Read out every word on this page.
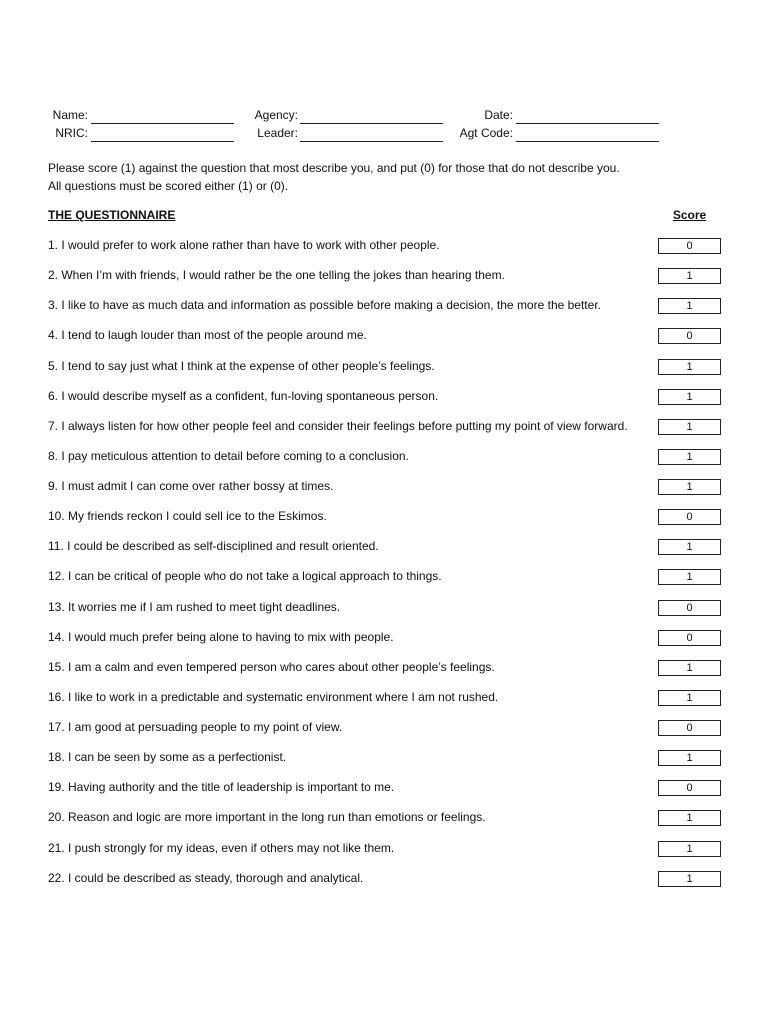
Name:	Agency:	Date:
NRIC:	Leader:	Agt Code:
Please score (1) against the question that most describe you, and put (0) for those that do not describe you.
All questions must be scored either (1) or (0).
THE QUESTIONNAIRE	Score
1. I would prefer to work alone rather than have to work with other people.	0
2. When I’m with friends, I would rather be the one telling the jokes than hearing them.	1
3. I like to have as much data and information as possible before making a decision, the more the better.	1
4. I tend to laugh louder than most of the people around me.	0
5. I tend to say just what I think at the expense of other people’s feelings.	1
6. I would describe myself as a confident, fun-loving spontaneous person.	1
7. I always listen for how other people feel and consider their feelings before putting my point of view forward.	1
8. I pay meticulous attention to detail before coming to a conclusion.	1
9. I must admit I can come over rather bossy at times.	1
10. My friends reckon I could sell ice to the Eskimos.	0
11. I could be described as self-disciplined and result oriented.	1
12. I can be critical of people who do not take a logical approach to things.	1
13. It worries me if I am rushed to meet tight deadlines.	0
14. I would much prefer being alone to having to mix with people.	0
15. I am a calm and even tempered person who cares about other people’s feelings.	1
16. I like to work in a predictable and systematic environment where I am not rushed.	1
17. I am good at persuading people to my point of view.	0
18. I can be seen by some as a perfectionist.	1
19. Having authority and the title of leadership is important to me.	0
20. Reason and logic are more important in the long run than emotions or feelings.	1
21. I push strongly for my ideas, even if others may not like them.	1
22. I could be described as steady, thorough and analytical.	1
